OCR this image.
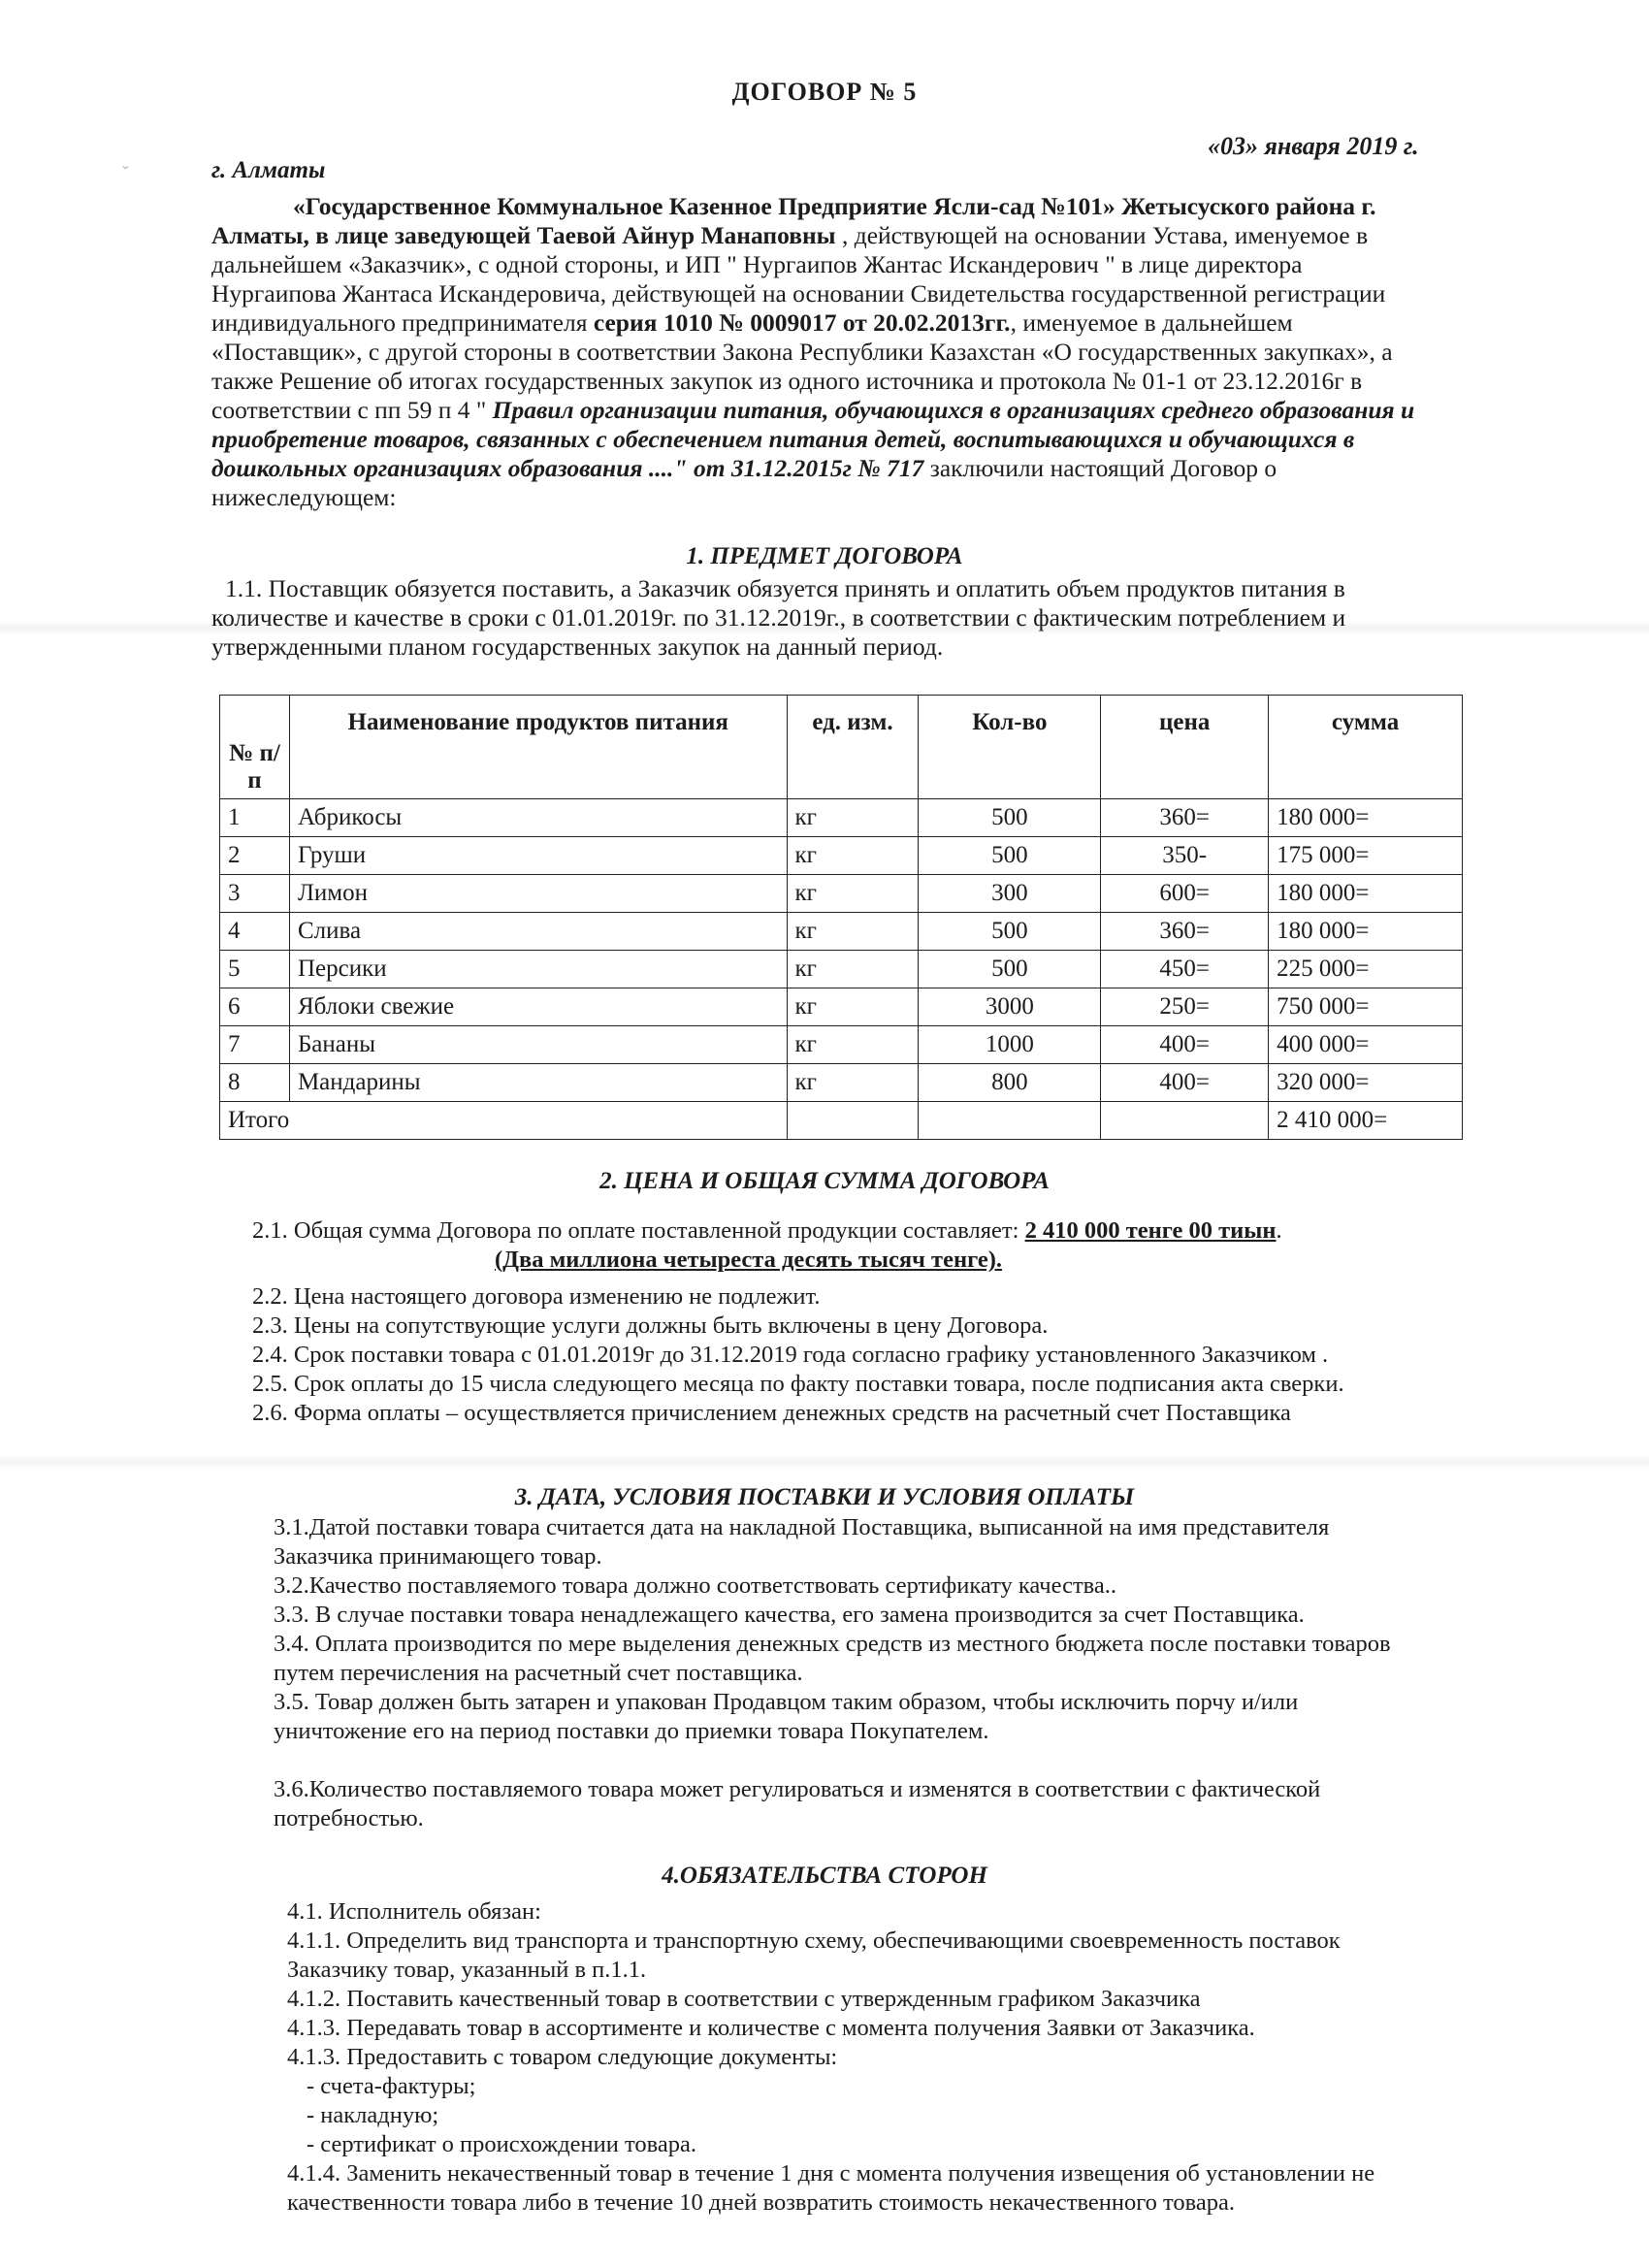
ˇ
ДОГОВОР № 5
«03» января 2019 г.
г. Алматы

«Государственное Коммунальное Казенное Предприятие Ясли-сад №101» Жетысуского района г.

Алматы, в лице заведующей Таевой Айнур Манаповны , действующей на основании Устава, именуемое в

дальнейшем «Заказчик», с одной стороны, и ИП " Нургаипов Жантас Искандерович " в лице директора

Нургаипова Жантаса Искандеровича, действующей на основании Свидетельства государственной регистрации

индивидуального предпринимателя серия 1010 № 0009017 от 20.02.2013гг., именуемое в дальнейшем

«Поставщик», с другой стороны в соответствии Закона Республики Казахстан «О государственных закупках», а

также Решение об итогах государственных закупок из одного источника и протокола № 01-1 от 23.12.2016г в

соответствии с пп 59 п 4 " Правил организации питания, обучающихся в организациях среднего образования и

приобретение товаров, связанных с обеспечением питания детей, воспитывающихся и обучающихся в

дошкольных организациях образования ...." от 31.12.2015г № 717 заключили настоящий Договор о

нижеследующем:

1. ПРЕДМЕТ ДОГОВОРА

1.1. Поставщик обязуется поставить, а Заказчик обязуется принять и оплатить объем продуктов питания в

количестве и качестве в сроки с 01.01.2019г. по 31.12.2019г., в соответствии с фактическим потреблением и

утвержденными планом государственных закупок на данный период.

№ п/п	Наименование продуктов питания	ед. изм.	Кол-во	цена	сумма
1	Абрикосы	кг	500	360=	180 000=
2	Груши	кг	500	350-	175 000=
3	Лимон	кг	300	600=	180 000=
4	Слива	кг	500	360=	180 000=
5	Персики	кг	500	450=	225 000=
6	Яблоки свежие	кг	3000	250=	750 000=
7	Бананы	кг	1000	400=	400 000=
8	Мандарины	кг	800	400=	320 000=
Итого					2 410 000=
2. ЦЕНА И ОБЩАЯ СУММА ДОГОВОРА
2.1. Общая сумма Договора по оплате поставленной продукции составляет: 2 410 000 тенге 00 тиын.
(Два миллиона четыреста десять тысяч тенге).
2.2. Цена настоящего договора изменению не подлежит.
2.3. Цены на сопутствующие услуги должны быть включены в цену Договора.
2.4. Срок поставки товара с 01.01.2019г до 31.12.2019 года согласно графику установленного Заказчиком .
2.5. Срок оплаты до 15 числа следующего месяца по факту поставки товара, после подписания акта сверки.
2.6. Форма оплаты – осуществляется причислением денежных средств на расчетный счет Поставщика
3. ДАТА, УСЛОВИЯ ПОСТАВКИ И УСЛОВИЯ ОПЛАТЫ
3.1.Датой поставки товара считается дата на накладной Поставщика, выписанной на имя представителя
Заказчика принимающего товар.
3.2.Качество поставляемого товара должно соответствовать сертификату качества..
3.3. В случае поставки товара ненадлежащего качества, его замена производится за счет Поставщика.
3.4. Оплата производится по мере выделения денежных средств из местного бюджета после поставки товаров
путем перечисления на расчетный счет поставщика.
3.5. Товар должен быть затарен и упакован Продавцом таким образом, чтобы исключить порчу и/или
уничтожение его на период поставки до приемки товара Покупателем.
3.6.Количество поставляемого товара может регулироваться и изменятся в соответствии с фактической
потребностью.
4.ОБЯЗАТЕЛЬСТВА СТОРОН
4.1. Исполнитель обязан:
4.1.1. Определить вид транспорта и транспортную схему, обеспечивающими своевременность поставок
Заказчику товар, указанный в п.1.1.
4.1.2. Поставить качественный товар в соответствии с утвержденным графиком Заказчика
4.1.3. Передавать товар в ассортименте и количестве с момента получения Заявки от Заказчика.
4.1.3. Предоставить с товаром следующие документы:
- счета-фактуры;
- накладную;
- сертификат о происхождении товара.
4.1.4. Заменить некачественный товар в течение 1 дня с момента получения извещения об установлении не
качественности товара либо в течение 10 дней возвратить стоимость некачественного товара.
